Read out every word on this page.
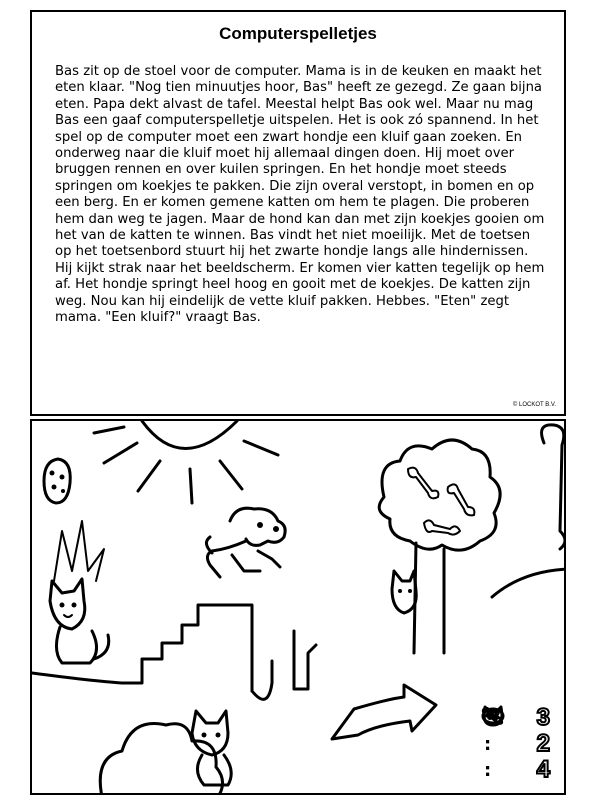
Computerspelletjes

Bas zit op de stoel voor de computer. Mama is in de keuken en maakt het eten klaar. "Nog tien minuutjes hoor, Bas" heeft ze gezegd. Ze gaan bijna eten. Papa dekt alvast de tafel. Meestal helpt Bas ook wel. Maar nu mag Bas een gaaf computerspelletje uitspelen. Het is ook zó spannend. In het spel op de computer moet een zwart hondje een kluif gaan zoeken. En onderweg naar die kluif moet hij allemaal dingen doen. Hij moet over bruggen rennen en over kuilen springen. En het hondje moet steeds springen om koekjes te pakken. Die zijn overal verstopt, in bomen en op een berg. En er komen gemene katten om hem te plagen. Die proberen hem dan weg te jagen. Maar de hond kan dan met zijn koekjes gooien om het van de katten te winnen. Bas vindt het niet moeilijk. Met de toetsen op het toetsenbord stuurt hij het zwarte hondje langs alle hindernissen. Hij kijkt strak naar het beeldscherm. Er komen vier katten tegelijk op hem af. Het hondje springt heel hoog en gooit met de koekjes. De katten zijn weg. Nou kan hij eindelijk de vette kluif pakken. Hebbes. "Eten" zegt mama. "Een kluif?" vraagt Bas.

© LOCKOT B.V.
: 3
: 2
: 4
